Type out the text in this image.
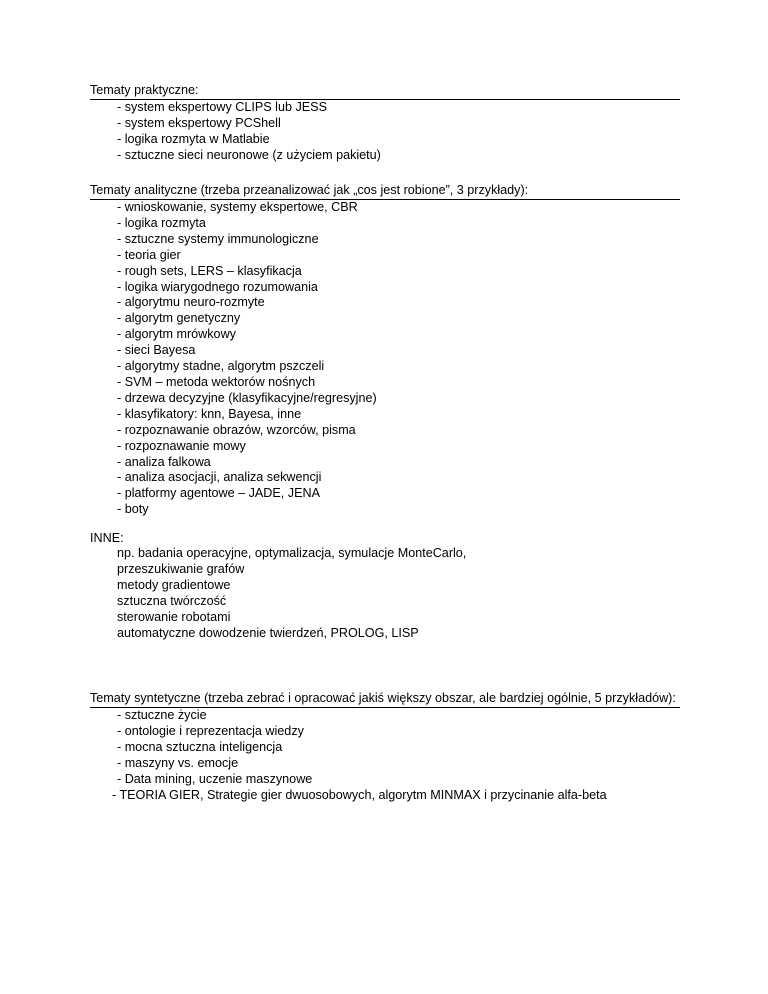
Tematy praktyczne:
- system ekspertowy CLIPS lub JESS
- system ekspertowy PCShell
- logika rozmyta w Matlabie
- sztuczne sieci neuronowe (z użyciem pakietu)
Tematy analityczne (trzeba przeanalizować jak „cos jest robione”, 3 przykłady):
- wnioskowanie, systemy ekspertowe, CBR
- logika rozmyta
- sztuczne systemy immunologiczne
- teoria gier
- rough sets, LERS – klasyfikacja
- logika wiarygodnego rozumowania
- algorytmu neuro-rozmyte
- algorytm genetyczny
- algorytm mrówkowy
- sieci Bayesa
- algorytmy stadne, algorytm pszczeli
- SVM – metoda wektorów nośnych
- drzewa decyzyjne (klasyfikacyjne/regresyjne)
- klasyfikatory: knn, Bayesa, inne
- rozpoznawanie obrazów, wzorców, pisma
- rozpoznawanie mowy
- analiza falkowa
- analiza asocjacji, analiza sekwencji
- platformy agentowe – JADE, JENA
- boty
INNE:
np. badania operacyjne, optymalizacja, symulacje MonteCarlo,
przeszukiwanie grafów
metody gradientowe
sztuczna twórczość
sterowanie robotami
automatyczne dowodzenie twierdzeń, PROLOG, LISP
Tematy syntetyczne (trzeba zebrać i opracować jakiś większy obszar, ale bardziej ogólnie, 5 przykładów):
- sztuczne życie
- ontologie i reprezentacja wiedzy
- mocna sztuczna inteligencja
- maszyny vs. emocje
- Data mining, uczenie maszynowe
- TEORIA GIER, Strategie gier dwuosobowych, algorytm MINMAX i przycinanie alfa-beta
